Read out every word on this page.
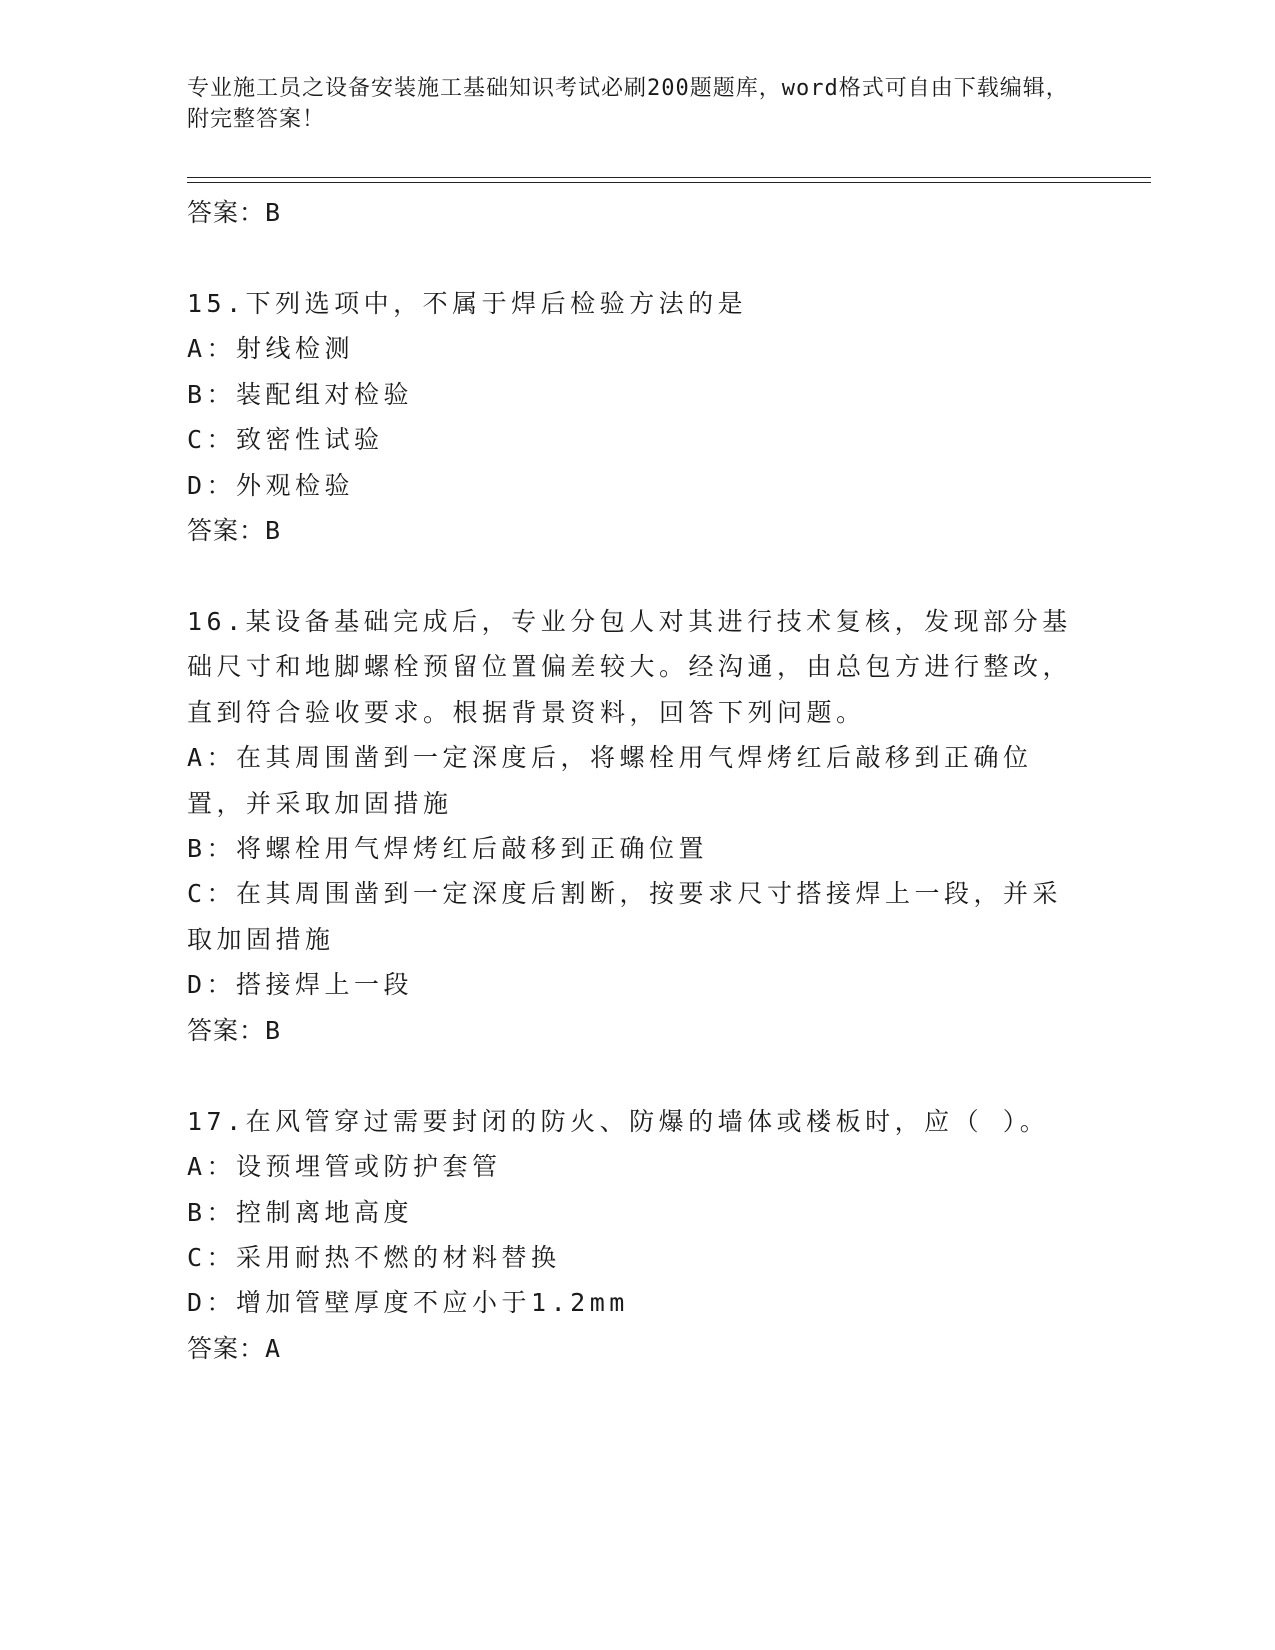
专业施工员之设备安装施工基础知识考试必刷200题题库，word格式可自由下载编辑，附完整答案！
答案：B
15.下列选项中，不属于焊后检验方法的是
A：射线检测
B：装配组对检验
C：致密性试验
D：外观检验
答案：B
16.某设备基础完成后，专业分包人对其进行技术复核，发现部分基础尺寸和地脚螺栓预留位置偏差较大。经沟通，由总包方进行整改，直到符合验收要求。根据背景资料，回答下列问题。
A：在其周围凿到一定深度后，将螺栓用气焊烤红后敲移到正确位置，并采取加固措施
B：将螺栓用气焊烤红后敲移到正确位置
C：在其周围凿到一定深度后割断，按要求尺寸搭接焊上一段，并采取加固措施
D：搭接焊上一段
答案：B
17.在风管穿过需要封闭的防火、防爆的墙体或楼板时，应（ ）。
A：设预埋管或防护套管
B：控制离地高度
C：采用耐热不燃的材料替换
D：增加管壁厚度不应小于1.2mm
答案：A
